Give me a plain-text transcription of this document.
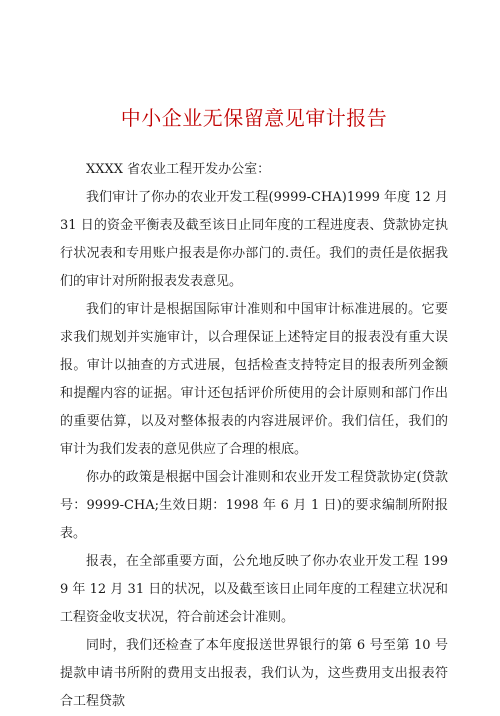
中小企业无保留意见审计报告

XXXX 省农业工程开发办公室：

我们审计了你办的农业开发工程(9999-CHA)1999 年度 12 月 31 日的资金平衡表及截至该日止同年度的工程进度表、贷款协定执行状况表和专用账户报表是你办部门的.责任。我们的责任是依据我们的审计对所附报表发表意见。

我们的审计是根据国际审计准则和中国审计标准进展的。它要求我们规划并实施审计，以合理保证上述特定目的报表没有重大误报。审计以抽查的方式进展，包括检查支持特定目的报表所列金额和提醒内容的证据。审计还包括评价所使用的会计原则和部门作出的重要估算，以及对整体报表的内容进展评价。我们信任，我们的审计为我们发表的意见供应了合理的根底。

你办的政策是根据中国会计准则和农业开发工程贷款协定(贷款号：9999-CHA;生效日期：1998 年 6 月 1 日)的要求编制所附报表。

报表，在全部重要方面，公允地反映了你办农业开发工程 1999 年 12 月 31 日的状况，以及截至该日止同年度的工程建立状况和工程资金收支状况，符合前述会计准则。

同时，我们还检查了本年度报送世界银行的第 6 号至第 10 号提款申请书所附的费用支出报表，我们认为，这些费用支出报表符合工程贷款
